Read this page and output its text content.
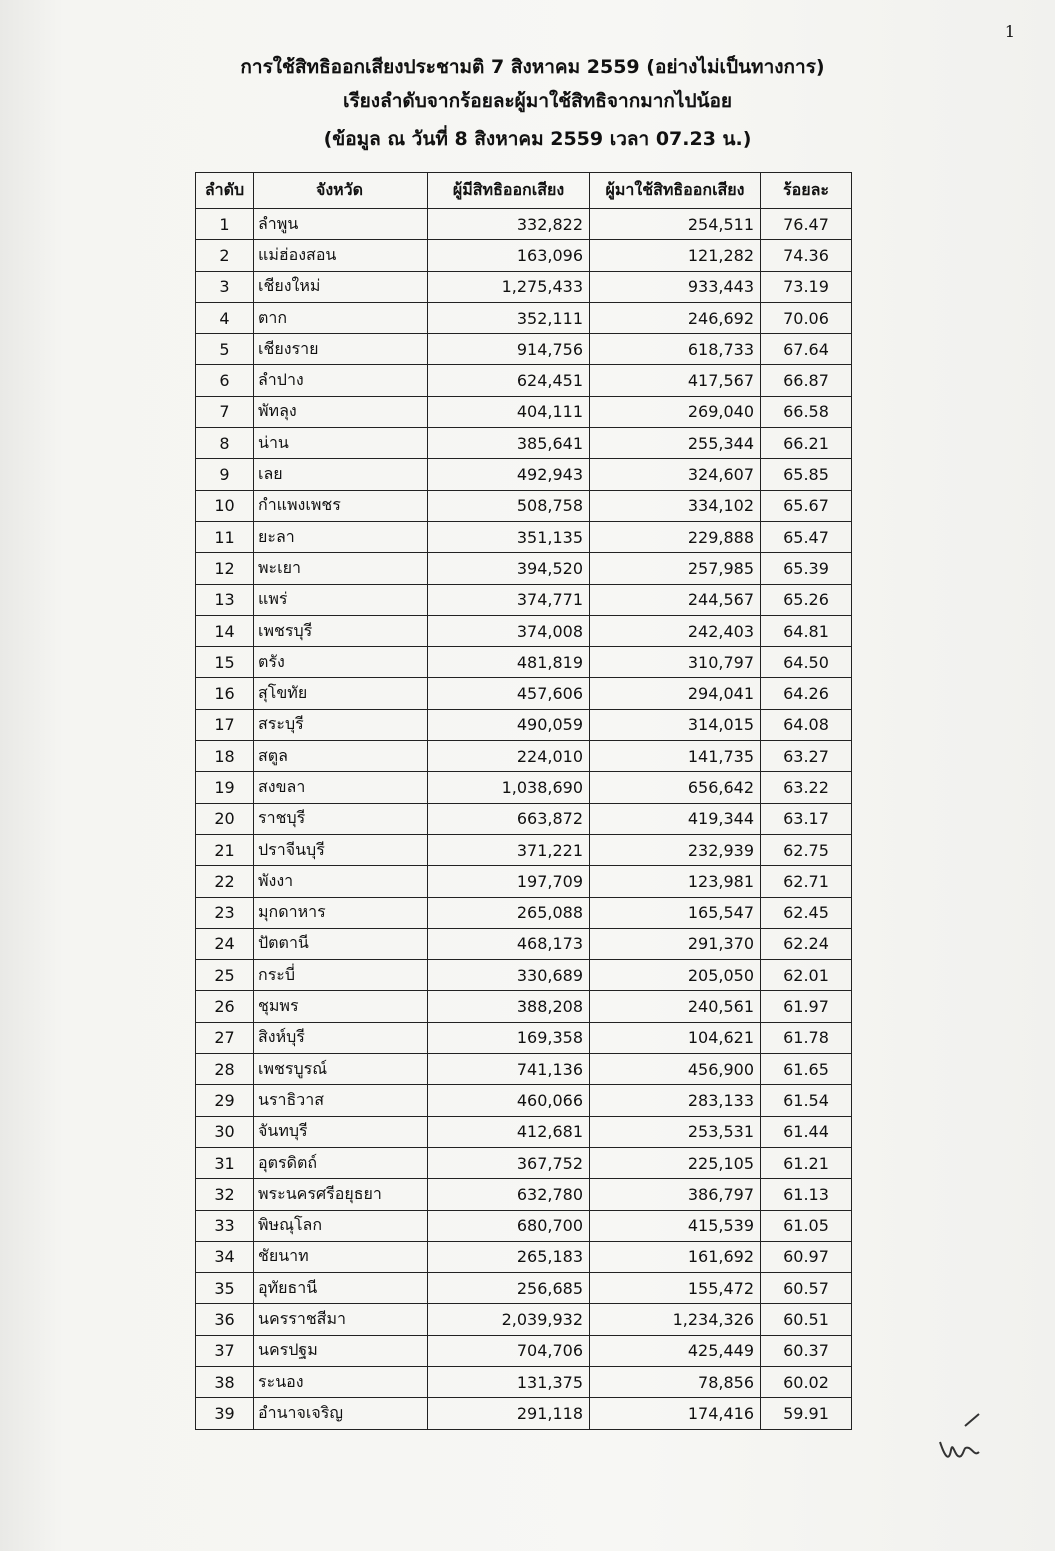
1
การใช้สิทธิออกเสียงประชามติ 7 สิงหาคม 2559 (อย่างไม่เป็นทางการ)
เรียงลำดับจากร้อยละผู้มาใช้สิทธิจากมากไปน้อย
(ข้อมูล ณ วันที่ 8 สิงหาคม 2559 เวลา 07.23 น.)
ลำดับ	จังหวัด	ผู้มีสิทธิออกเสียง	ผู้มาใช้สิทธิออกเสียง	ร้อยละ
1	ลำพูน	332,822	254,511	76.47
2	แม่ฮ่องสอน	163,096	121,282	74.36
3	เชียงใหม่	1,275,433	933,443	73.19
4	ตาก	352,111	246,692	70.06
5	เชียงราย	914,756	618,733	67.64
6	ลำปาง	624,451	417,567	66.87
7	พัทลุง	404,111	269,040	66.58
8	น่าน	385,641	255,344	66.21
9	เลย	492,943	324,607	65.85
10	กำแพงเพชร	508,758	334,102	65.67
11	ยะลา	351,135	229,888	65.47
12	พะเยา	394,520	257,985	65.39
13	แพร่	374,771	244,567	65.26
14	เพชรบุรี	374,008	242,403	64.81
15	ตรัง	481,819	310,797	64.50
16	สุโขทัย	457,606	294,041	64.26
17	สระบุรี	490,059	314,015	64.08
18	สตูล	224,010	141,735	63.27
19	สงขลา	1,038,690	656,642	63.22
20	ราชบุรี	663,872	419,344	63.17
21	ปราจีนบุรี	371,221	232,939	62.75
22	พังงา	197,709	123,981	62.71
23	มุกดาหาร	265,088	165,547	62.45
24	ปัตตานี	468,173	291,370	62.24
25	กระบี่	330,689	205,050	62.01
26	ชุมพร	388,208	240,561	61.97
27	สิงห์บุรี	169,358	104,621	61.78
28	เพชรบูรณ์	741,136	456,900	61.65
29	นราธิวาส	460,066	283,133	61.54
30	จันทบุรี	412,681	253,531	61.44
31	อุตรดิตถ์	367,752	225,105	61.21
32	พระนครศรีอยุธยา	632,780	386,797	61.13
33	พิษณุโลก	680,700	415,539	61.05
34	ชัยนาท	265,183	161,692	60.97
35	อุทัยธานี	256,685	155,472	60.57
36	นครราชสีมา	2,039,932	1,234,326	60.51
37	นครปฐม	704,706	425,449	60.37
38	ระนอง	131,375	78,856	60.02
39	อำนาจเจริญ	291,118	174,416	59.91
